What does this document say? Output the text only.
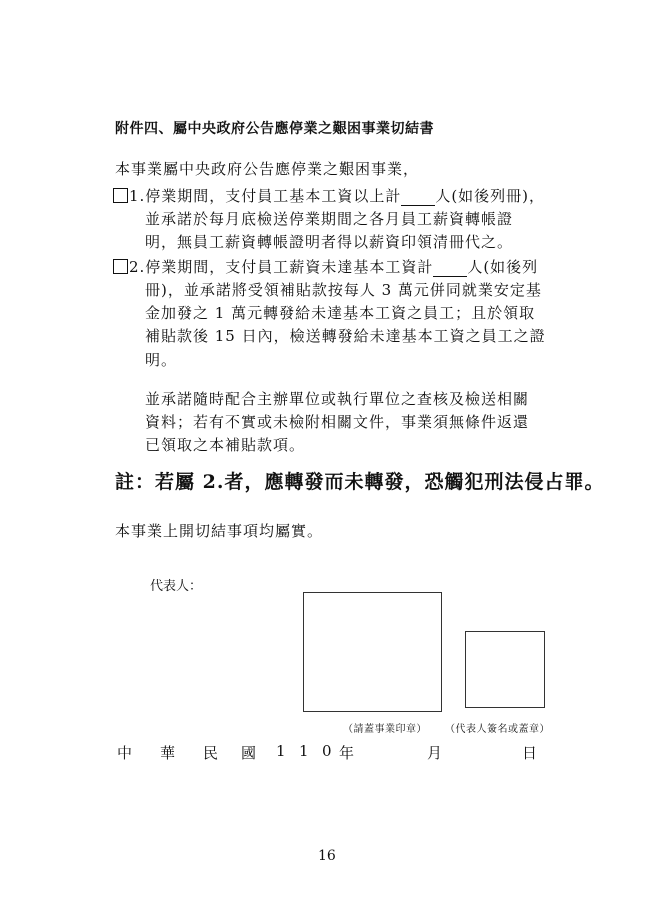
附件四、屬中央政府公告應停業之艱困事業切結書
本事業屬中央政府公告應停業之艱困事業，
1.停業期間，支付員工基本工資以上計 人(如後列冊)，
並承諾於每月底檢送停業期間之各月員工薪資轉帳證
明，無員工薪資轉帳證明者得以薪資印領清冊代之。
2.停業期間，支付員工薪資未達基本工資計 人(如後列
冊)，並承諾將受領補貼款按每人 3 萬元併同就業安定基
金加發之 1 萬元轉發給未達基本工資之員工；且於領取
補貼款後 15 日內，檢送轉發給未達基本工資之員工之證
明。
並承諾隨時配合主辦單位或執行單位之查核及檢送相關
資料；若有不實或未檢附相關文件，事業須無條件返還
已領取之本補貼款項。
註：若屬 2.者，應轉發而未轉發，恐觸犯刑法侵占罪。
本事業上開切結事項均屬實。
代表人：
（請蓋事業印章） （代表人簽名或蓋章）
中 華 民 國 1 1 0 年	月	日
16
